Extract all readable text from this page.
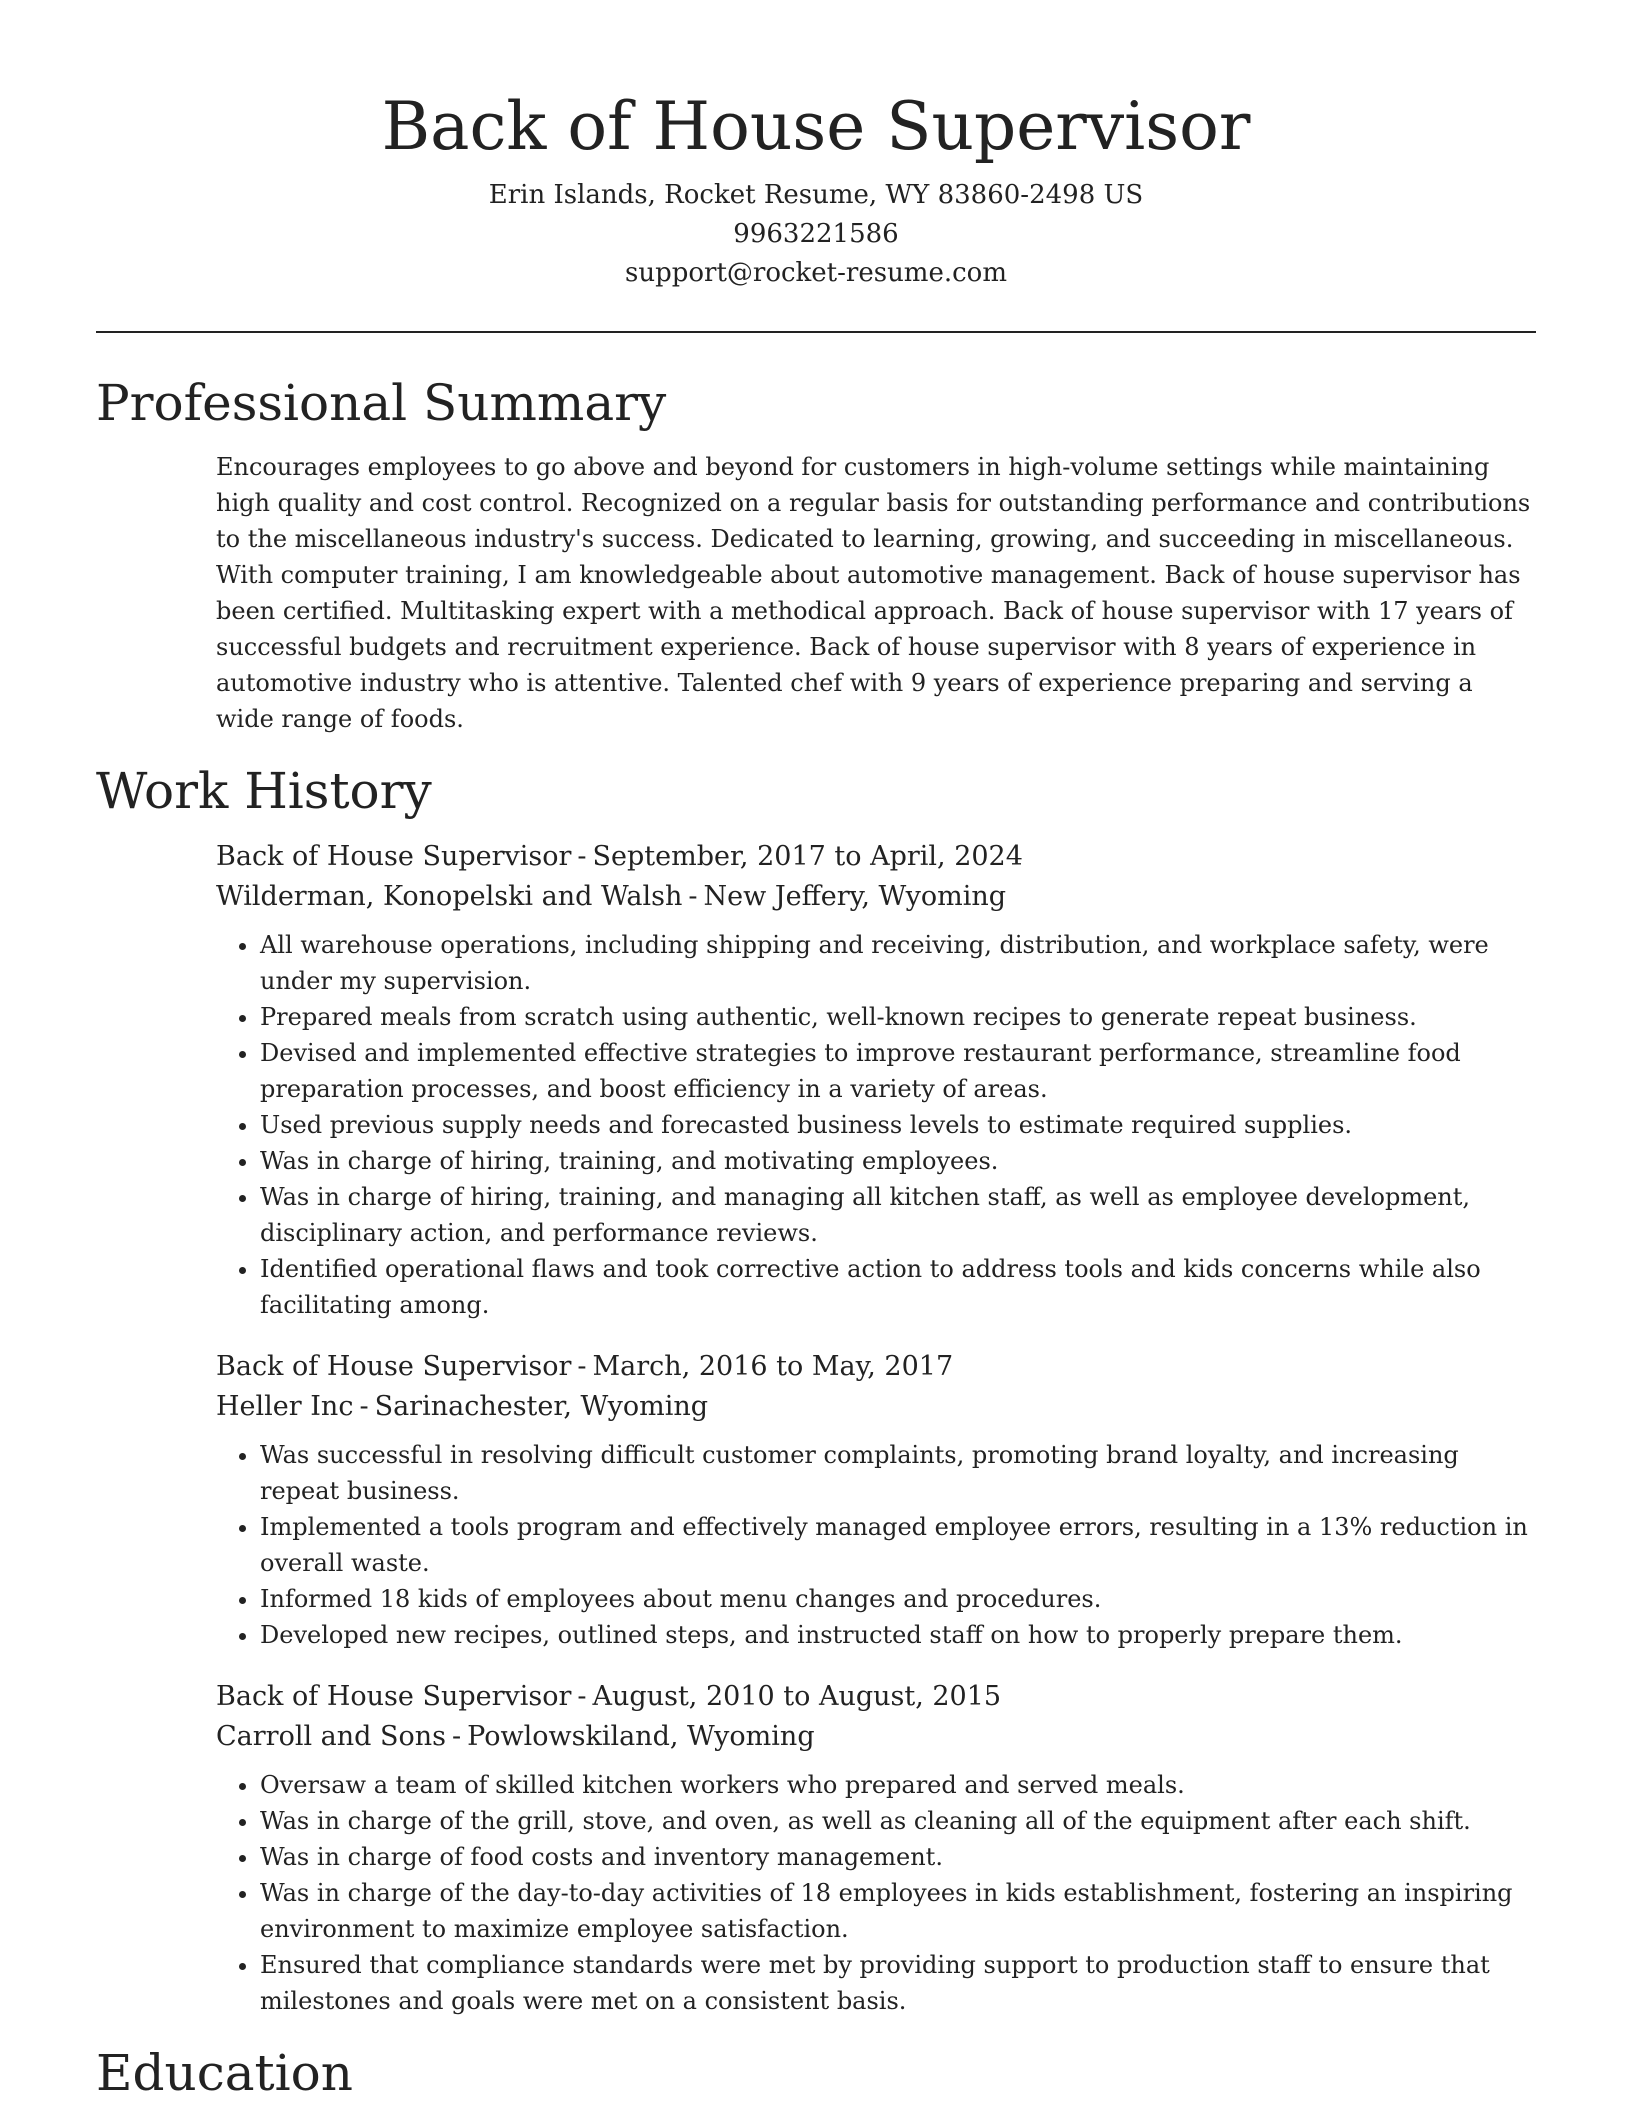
Back of House Supervisor
Erin Islands, Rocket Resume, WY 83860-2498 US
9963221586
support@rocket-resume.com
Professional Summary

Encourages employees to go above and beyond for customers in high-volume settings while maintaining high quality and cost control. Recognized on a regular basis for outstanding performance and contributions to the miscellaneous industry's success. Dedicated to learning, growing, and succeeding in miscellaneous. With computer training, I am knowledgeable about automotive management. Back of house supervisor has been certified. Multitasking expert with a methodical approach. Back of house supervisor with 17 years of successful budgets and recruitment experience. Back of house supervisor with 8 years of experience in automotive industry who is attentive. Talented chef with 9 years of experience preparing and serving a wide range of foods.

Work History
Back of House Supervisor - September, 2017 to April, 2024
Wilderman, Konopelski and Walsh - New Jeffery, Wyoming
• All warehouse operations, including shipping and receiving, distribution, and workplace safety, were under my supervision.
• Prepared meals from scratch using authentic, well-known recipes to generate repeat business.
• Devised and implemented effective strategies to improve restaurant performance, streamline food preparation processes, and boost efficiency in a variety of areas.
• Used previous supply needs and forecasted business levels to estimate required supplies.
• Was in charge of hiring, training, and motivating employees.
• Was in charge of hiring, training, and managing all kitchen staff, as well as employee development, disciplinary action, and performance reviews.
• Identified operational flaws and took corrective action to address tools and kids concerns while also facilitating among.
Back of House Supervisor - March, 2016 to May, 2017
Heller Inc - Sarinachester, Wyoming
• Was successful in resolving difficult customer complaints, promoting brand loyalty, and increasing repeat business.
• Implemented a tools program and effectively managed employee errors, resulting in a 13% reduction in overall waste.
• Informed 18 kids of employees about menu changes and procedures.
• Developed new recipes, outlined steps, and instructed staff on how to properly prepare them.
Back of House Supervisor - August, 2010 to August, 2015
Carroll and Sons - Powlowskiland, Wyoming
• Oversaw a team of skilled kitchen workers who prepared and served meals.
• Was in charge of the grill, stove, and oven, as well as cleaning all of the equipment after each shift.
• Was in charge of food costs and inventory management.
• Was in charge of the day-to-day activities of 18 employees in kids establishment, fostering an inspiring environment to maximize employee satisfaction.
• Ensured that compliance standards were met by providing support to production staff to ensure that milestones and goals were met on a consistent basis.
Education
